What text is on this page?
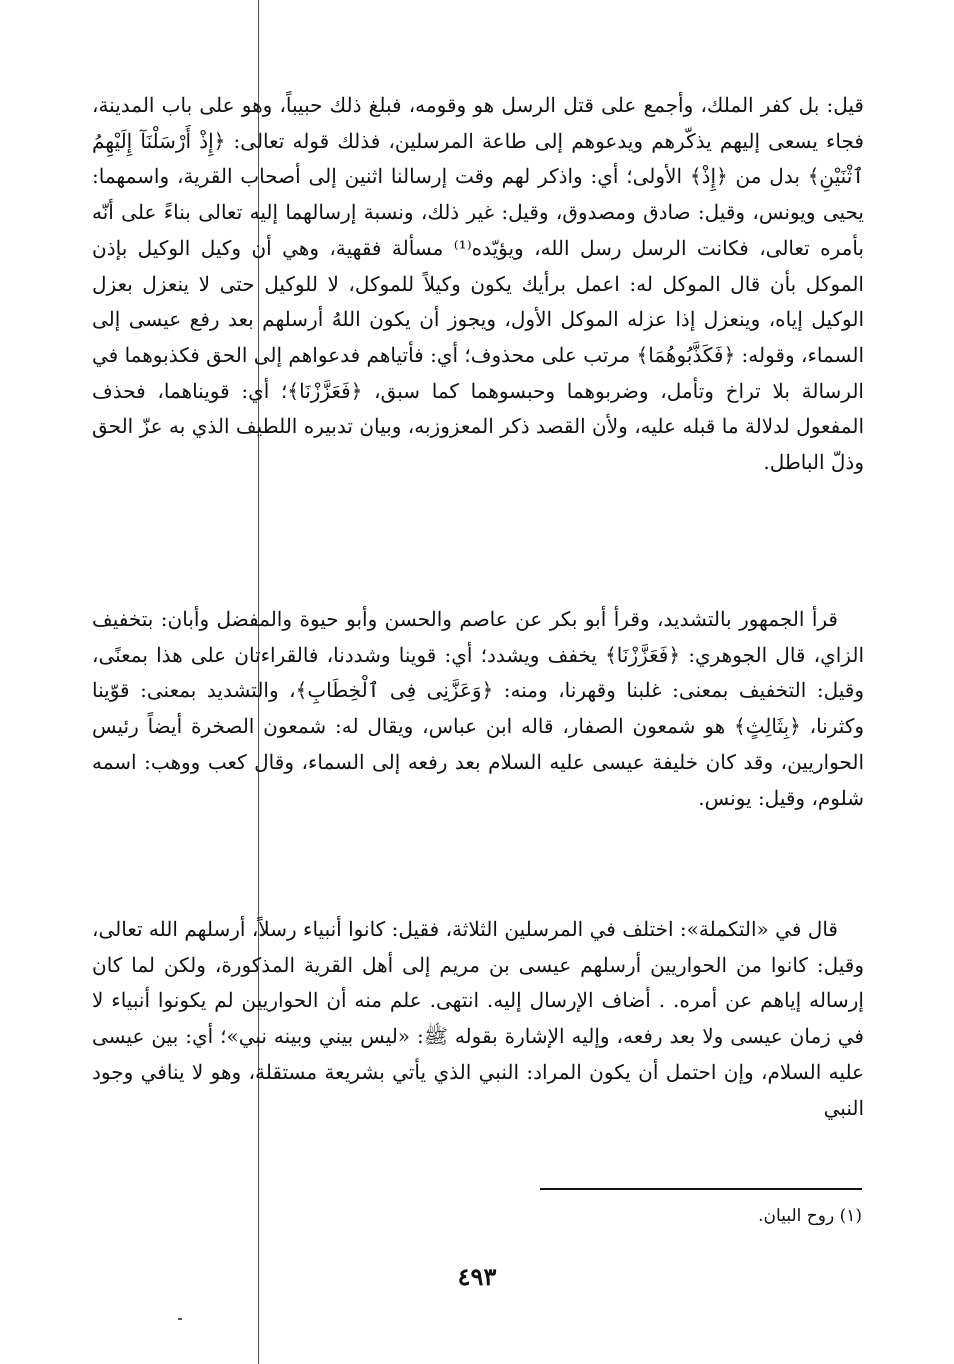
قيل: بل كفر الملك، وأجمع على قتل الرسل هو وقومه، فبلغ ذلك حبيباً، وهو على باب المدينة، فجاء يسعى إليهم يذكّرهم ويدعوهم إلى طاعة المرسلين، فذلك قوله تعالى: ﴿إِذْ أَرْسَلْنَآ إِلَيْهِمُ ٱثْنَيْنِ﴾ بدل من ﴿إِذْ﴾ الأولى؛ أي: واذكر لهم وقت إرسالنا اثنين إلى أصحاب القرية، واسمهما: يحيى ويونس، وقيل: صادق ومصدوق، وقيل: غير ذلك، ونسبة إرسالهما إليه تعالى بناءً على أنّه بأمره تعالى، فكانت الرسل رسل الله، ويؤيّده⁽¹⁾ مسألة فقهية، وهي أن وكيل الوكيل بإذن الموكل بأن قال الموكل له: اعمل برأيك يكون وكيلاً للموكل، لا للوكيل حتى لا ينعزل بعزل الوكيل إياه، وينعزل إذا عزله الموكل الأول، ويجوز أن يكون اللهُ أرسلهم بعد رفع عيسى إلى السماء، وقوله: ﴿فَكَذَّبُوهُمَا﴾ مرتب على محذوف؛ أي: فأتياهم فدعواهم إلى الحق فكذبوهما في الرسالة بلا تراخ وتأمل، وضربوهما وحبسوهما كما سبق، ﴿فَعَزَّزْنَا﴾؛ أي: قويناهما، فحذف المفعول لدلالة ما قبله عليه، ولأن القصد ذكر المعزوزبه، وبيان تدبيره اللطيف الذي به عزّ الحق وذلّ الباطل.

قرأ الجمهور بالتشديد، وقرأ أبو بكر عن عاصم والحسن وأبو حيوة والمفضل وأبان: بتخفيف الزاي، قال الجوهري: ﴿فَعَزَّزْنَا﴾ يخفف ويشدد؛ أي: قوينا وشددنا، فالقراءتان على هذا بمعنًى، وقيل: التخفيف بمعنى: غلبنا وقهرنا، ومنه: ﴿وَعَزَّنِى فِى ٱلْخِطَابِ﴾، والتشديد بمعنى: قوّينا وكثرنا، ﴿بِثَالِثٍ﴾ هو شمعون الصفار، قاله ابن عباس، ويقال له: شمعون الصخرة أيضاً رئيس الحواريين، وقد كان خليفة عيسى عليه السلام بعد رفعه إلى السماء، وقال كعب ووهب: اسمه شلوم، وقيل: يونس.

قال في «التكملة»: اختلف في المرسلين الثلاثة، فقيل: كانوا أنبياء رسلاً، أرسلهم الله تعالى، وقيل: كانوا من الحواريين أرسلهم عيسى بن مريم إلى أهل القرية المذكورة، ولكن لما كان إرساله إياهم عن أمره. . أضاف الإرسال إليه. انتهى. علم منه أن الحواريين لم يكونوا أنبياء لا في زمان عيسى ولا بعد رفعه، وإليه الإشارة بقوله ﷺ: «ليس بيني وبينه نبي»؛ أي: بين عيسى عليه السلام، وإن احتمل أن يكون المراد: النبي الذي يأتي بشريعة مستقلة، وهو لا ينافي وجود النبي

(١) روح البيان.
٤٩٣
